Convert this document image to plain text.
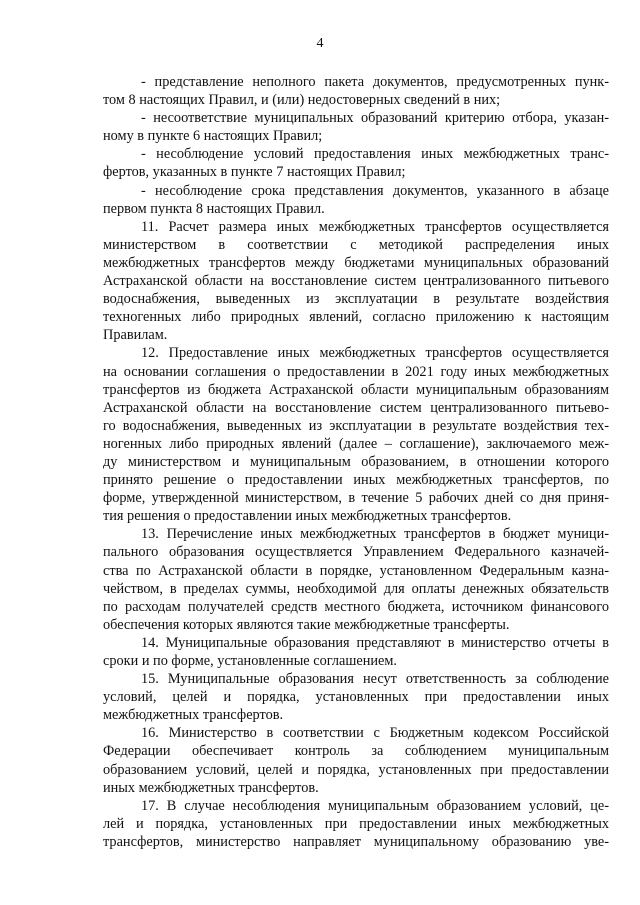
4
- представление неполного пакета документов, предусмотренных пунк-
том 8 настоящих Правил, и (или) недостоверных сведений в них;
- несоответствие муниципальных образований критерию отбора, указан-
ному в пункте 6 настоящих Правил;
- несоблюдение условий предоставления иных межбюджетных транс-
фертов, указанных в пункте 7 настоящих Правил;
- несоблюдение срока представления документов, указанного в абзаце
первом пункта 8 настоящих Правил.
11. Расчет размера иных межбюджетных трансфертов осуществляется
министерством в соответствии с методикой распределения иных
межбюджетных трансфертов между бюджетами муниципальных образований
Астраханской области на восстановление систем централизованного питьевого
водоснабжения, выведенных из эксплуатации в результате воздействия
техногенных либо природных явлений, согласно приложению к настоящим
Правилам.
12. Предоставление иных межбюджетных трансфертов осуществляется
на основании соглашения о предоставлении в 2021 году иных межбюджетных
трансфертов из бюджета Астраханской области муниципальным образованиям
Астраханской области на восстановление систем централизованного питьево-
го водоснабжения, выведенных из эксплуатации в результате воздействия тех-
ногенных либо природных явлений (далее – соглашение), заключаемого меж-
ду министерством и муниципальным образованием, в отношении которого
принято решение о предоставлении иных межбюджетных трансфертов, по
форме, утвержденной министерством, в течение 5 рабочих дней со дня приня-
тия решения о предоставлении иных межбюджетных трансфертов.
13. Перечисление иных межбюджетных трансфертов в бюджет муници-
пального образования осуществляется Управлением Федерального казначей-
ства по Астраханской области в порядке, установленном Федеральным казна-
чейством, в пределах суммы, необходимой для оплаты денежных обязательств
по расходам получателей средств местного бюджета, источником финансового
обеспечения которых являются такие межбюджетные трансферты.
14. Муниципальные образования представляют в министерство отчеты в
сроки и по форме, установленные соглашением.
15. Муниципальные образования несут ответственность за соблюдение
условий, целей и порядка, установленных при предоставлении иных
межбюджетных трансфертов.
16. Министерство в соответствии с Бюджетным кодексом Российской
Федерации обеспечивает контроль за соблюдением муниципальным
образованием условий, целей и порядка, установленных при предоставлении
иных межбюджетных трансфертов.
17. В случае несоблюдения муниципальным образованием условий, це-
лей и порядка, установленных при предоставлении иных межбюджетных
трансфертов, министерство направляет муниципальному образованию уве-
